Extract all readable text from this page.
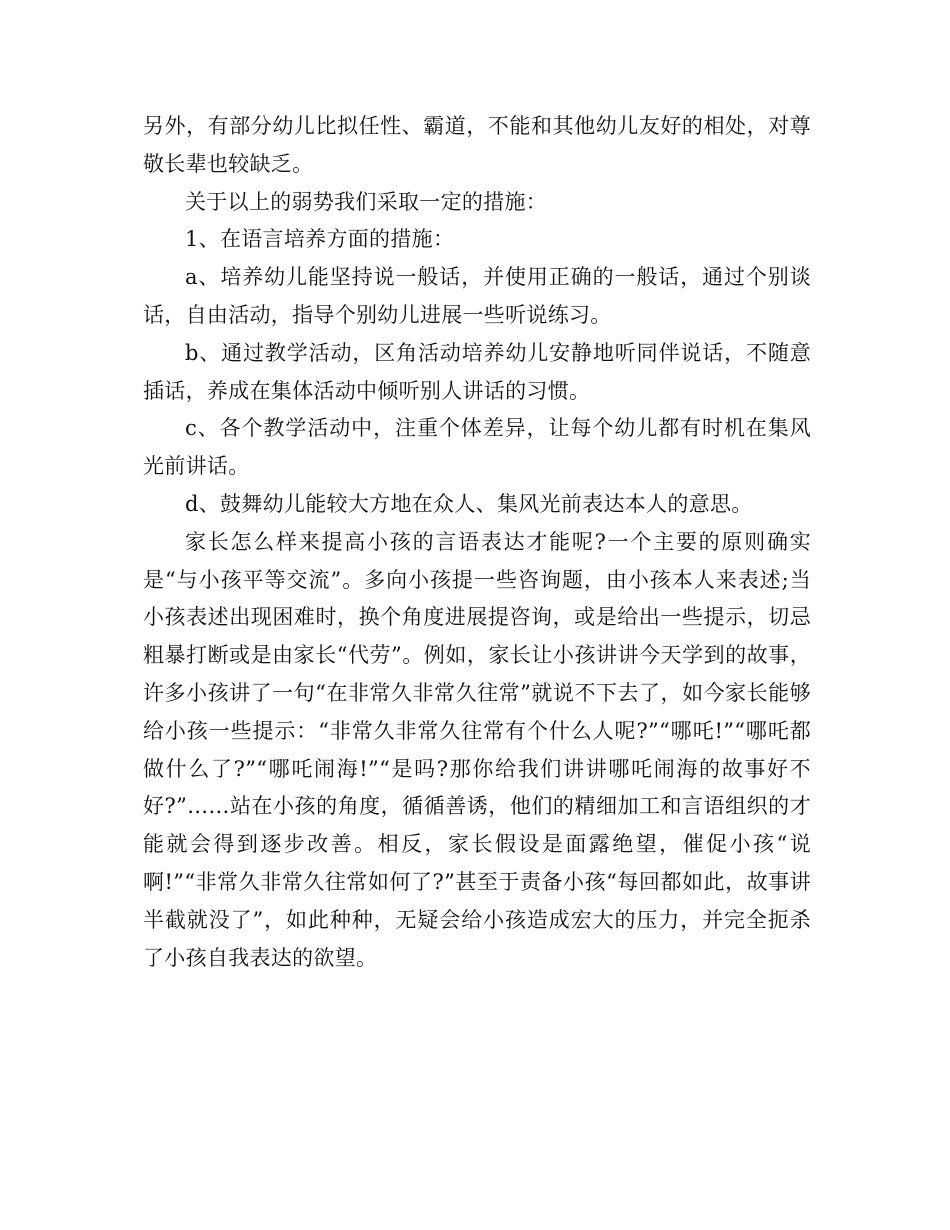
另外，有部分幼儿比拟任性、霸道，不能和其他幼儿友好的相处，对尊敬长辈也较缺乏。

关于以上的弱势我们采取一定的措施：

1、在语言培养方面的措施：

a、培养幼儿能坚持说一般话，并使用正确的一般话，通过个别谈话，自由活动，指导个别幼儿进展一些听说练习。

b、通过教学活动，区角活动培养幼儿安静地听同伴说话，不随意插话，养成在集体活动中倾听别人讲话的习惯。

c、各个教学活动中，注重个体差异，让每个幼儿都有时机在集风光前讲话。

d、鼓舞幼儿能较大方地在众人、集风光前表达本人的意思。

家长怎么样来提高小孩的言语表达才能呢?一个主要的原则确实是“与小孩平等交流”。多向小孩提一些咨询题，由小孩本人来表述;当小孩表述出现困难时，换个角度进展提咨询，或是给出一些提示，切忌粗暴打断或是由家长“代劳”。例如，家长让小孩讲讲今天学到的故事，许多小孩讲了一句“在非常久非常久往常”就说不下去了，如今家长能够给小孩一些提示：“非常久非常久往常有个什么人呢?”“哪吒!”“哪吒都做什么了?”“哪吒闹海!”“是吗?那你给我们讲讲哪吒闹海的故事好不好?”……站在小孩的角度，循循善诱，他们的精细加工和言语组织的才能就会得到逐步改善。相反，家长假设是面露绝望，催促小孩“说啊!”“非常久非常久往常如何了?”甚至于责备小孩“每回都如此，故事讲半截就没了”，如此种种，无疑会给小孩造成宏大的压力，并完全扼杀了小孩自我表达的欲望。
